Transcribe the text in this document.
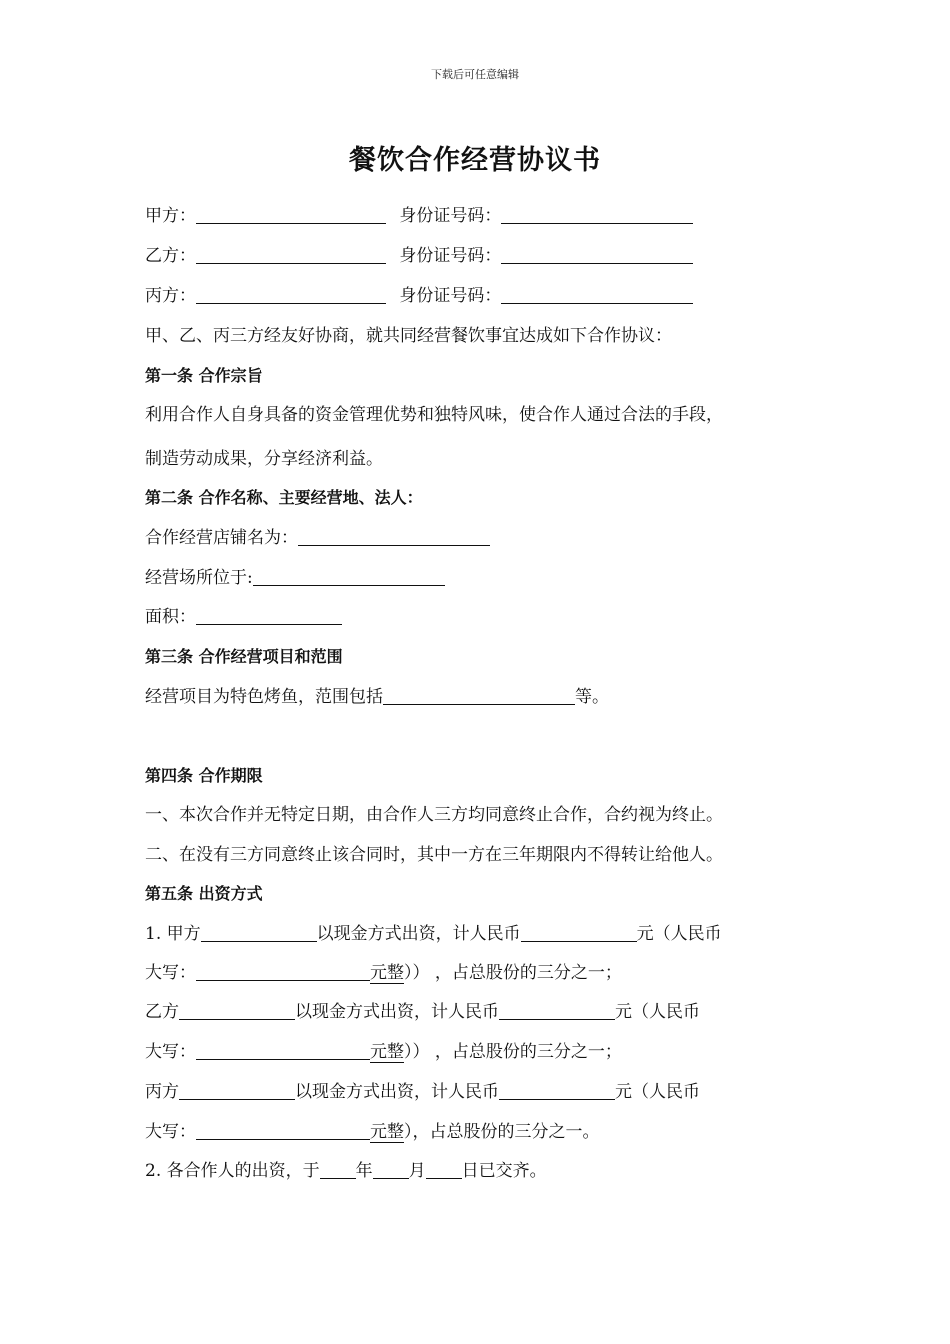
下载后可任意编辑
餐饮合作经营协议书
甲方：	身份证号码：
乙方：	身份证号码：
丙方：	身份证号码：
甲、乙、丙三方经友好协商，就共同经营餐饮事宜达成如下合作协议：
第一条 合作宗旨
利用合作人自身具备的资金管理优势和独特风味，使合作人通过合法的手段，
制造劳动成果，分享经济利益。
第二条 合作名称、主要经营地、法人：
合作经营店铺名为：
经营场所位于:
面积：
第三条 合作经营项目和范围
经营项目为特色烤鱼，范围包括	等。
第四条 合作期限
一、本次合作并无特定日期，由合作人三方均同意终止合作，合约视为终止。
二、在没有三方同意终止该合同时，其中一方在三年期限内不得转让给他人。
第五条 出资方式
1. 甲方	以现金方式出资，计人民币	元（人民币
大写：	元整）） ，占总股份的三分之一；
乙方	以现金方式出资，计人民币	元（人民币
大写：	元整）） ，占总股份的三分之一；
丙方	以现金方式出资，计人民币	元（人民币
大写：	元整），占总股份的三分之一。
2. 各合作人的出资，于 年 月 日已交齐。
